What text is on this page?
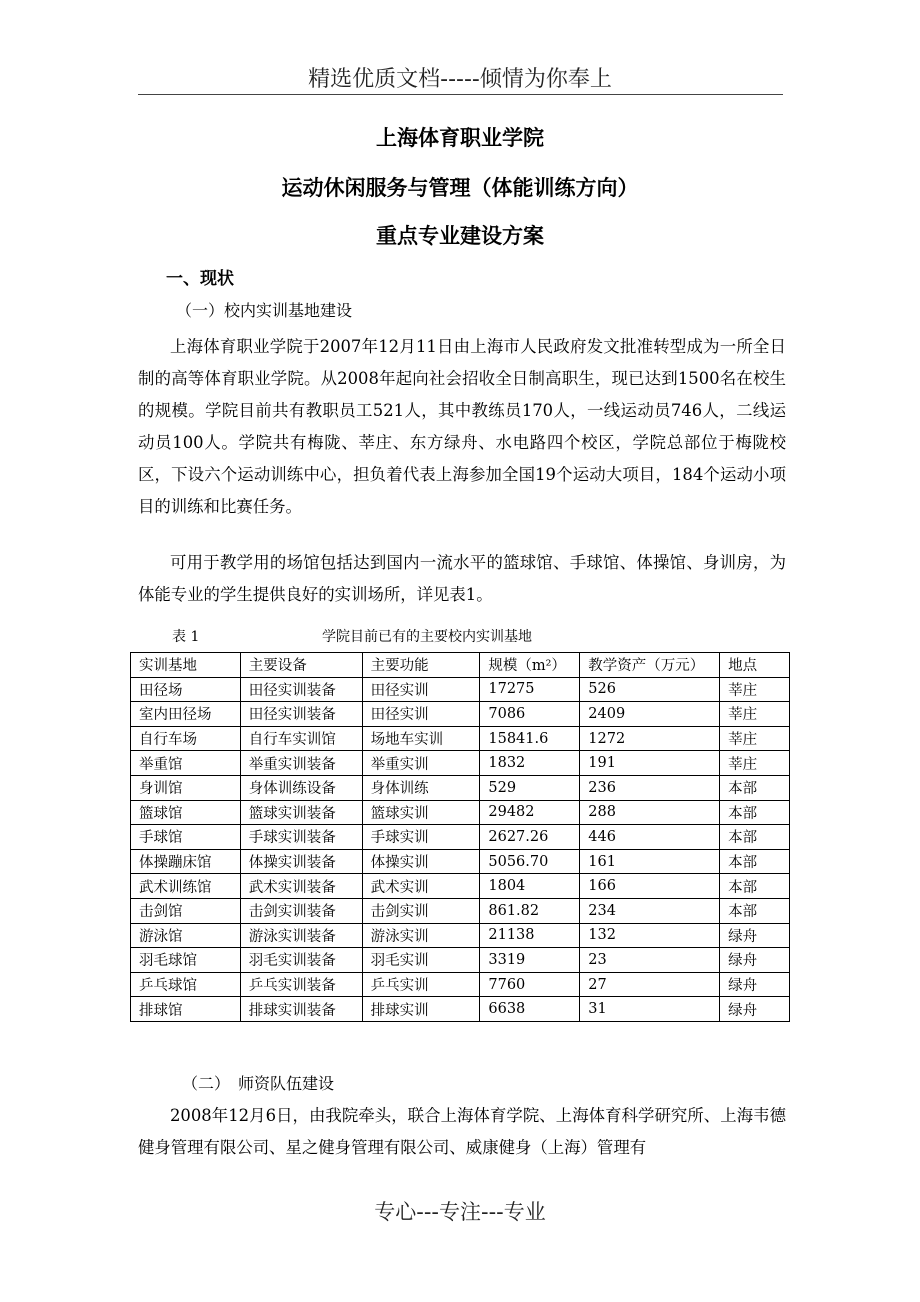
精选优质文档-----倾情为你奉上
上海体育职业学院
运动休闲服务与管理（体能训练方向）
重点专业建设方案
一、现状
（一）校内实训基地建设
上海体育职业学院于2007年12月11日由上海市人民政府发文批准转型成为一所全日制的高等体育职业学院。从2008年起向社会招收全日制高职生，现已达到1500名在校生的规模。学院目前共有教职员工521人，其中教练员170人，一线运动员746人，二线运动员100人。学院共有梅陇、莘庄、东方绿舟、水电路四个校区，学院总部位于梅陇校区，下设六个运动训练中心，担负着代表上海参加全国19个运动大项目，184个运动小项目的训练和比赛任务。
可用于教学用的场馆包括达到国内一流水平的篮球馆、手球馆、体操馆、身训房，为体能专业的学生提供良好的实训场所，详见表1。
表 1	学院目前已有的主要校内实训基地
实训基地	主要设备	主要功能	规模（m²）	教学资产（万元）	地点
田径场	田径实训装备	田径实训	17275	526	莘庄
室内田径场	田径实训装备	田径实训	7086	2409	莘庄
自行车场	自行车实训馆	场地车实训	15841.6	1272	莘庄
举重馆	举重实训装备	举重实训	1832	191	莘庄
身训馆	身体训练设备	身体训练	529	236	本部
篮球馆	篮球实训装备	篮球实训	29482	288	本部
手球馆	手球实训装备	手球实训	2627.26	446	本部
体操蹦床馆	体操实训装备	体操实训	5056.70	161	本部
武术训练馆	武术实训装备	武术实训	1804	166	本部
击剑馆	击剑实训装备	击剑实训	861.82	234	本部
游泳馆	游泳实训装备	游泳实训	21138	132	绿舟
羽毛球馆	羽毛实训装备	羽毛实训	3319	23	绿舟
乒乓球馆	乒乓实训装备	乒乓实训	7760	27	绿舟
排球馆	排球实训装备	排球实训	6638	31	绿舟
（二）　师资队伍建设
2008年12月6日，由我院牵头，联合上海体育学院、上海体育科学研究所、上海韦德健身管理有限公司、星之健身管理有限公司、威康健身（上海）管理有
专心---专注---专业
